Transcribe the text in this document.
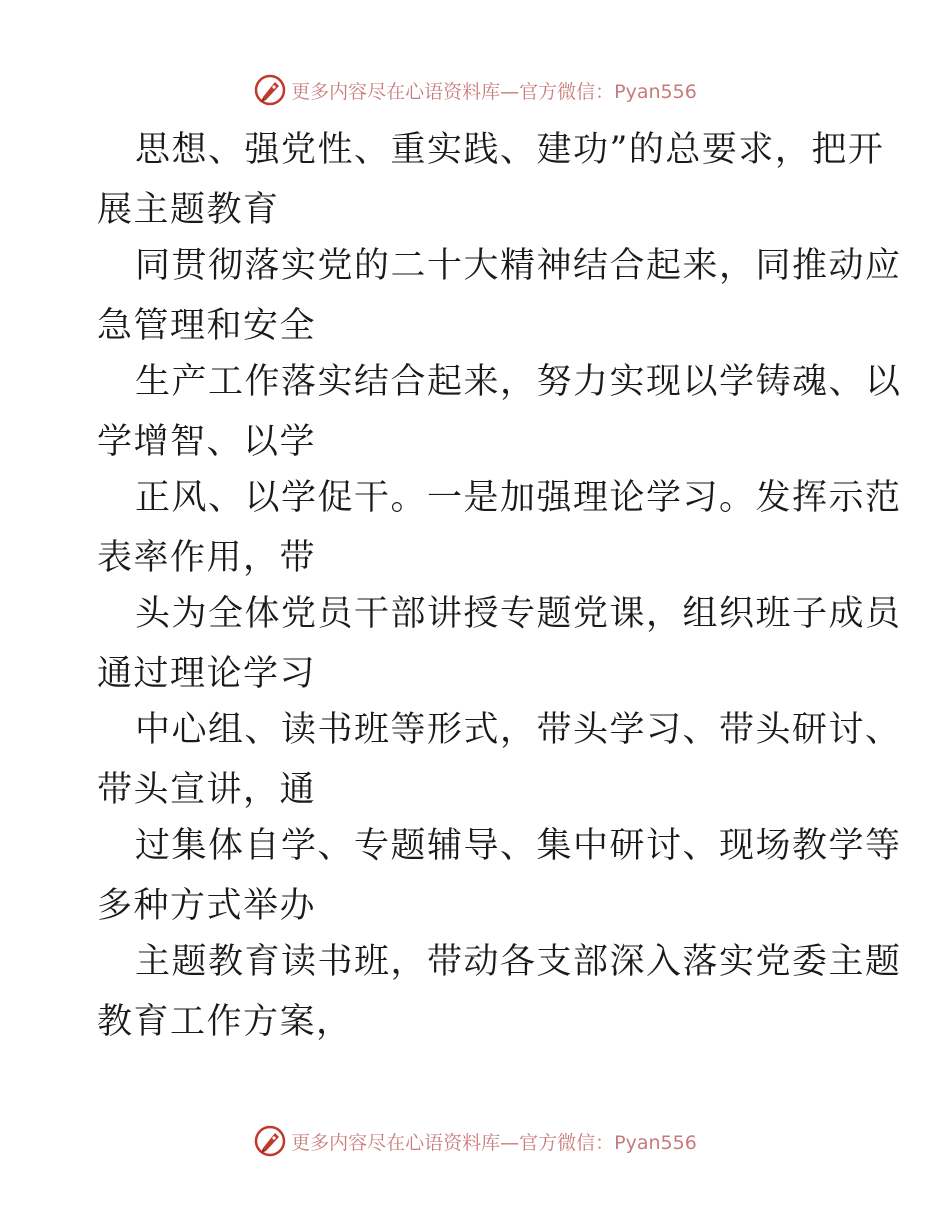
更多内容尽在心语资料库—官方微信：Pyan556
思想、强党性、重实践、建功”的总要求，把开
展主题教育
同贯彻落实党的二十大精神结合起来，同推动应
急管理和安全
生产工作落实结合起来，努力实现以学铸魂、以
学增智、以学
正风、以学促干。一是加强理论学习。发挥示范
表率作用，带
头为全体党员干部讲授专题党课，组织班子成员
通过理论学习
中心组、读书班等形式，带头学习、带头研讨、
带头宣讲，通
过集体自学、专题辅导、集中研讨、现场教学等
多种方式举办
主题教育读书班，带动各支部深入落实党委主题
教育工作方案，
更多内容尽在心语资料库—官方微信：Pyan556
